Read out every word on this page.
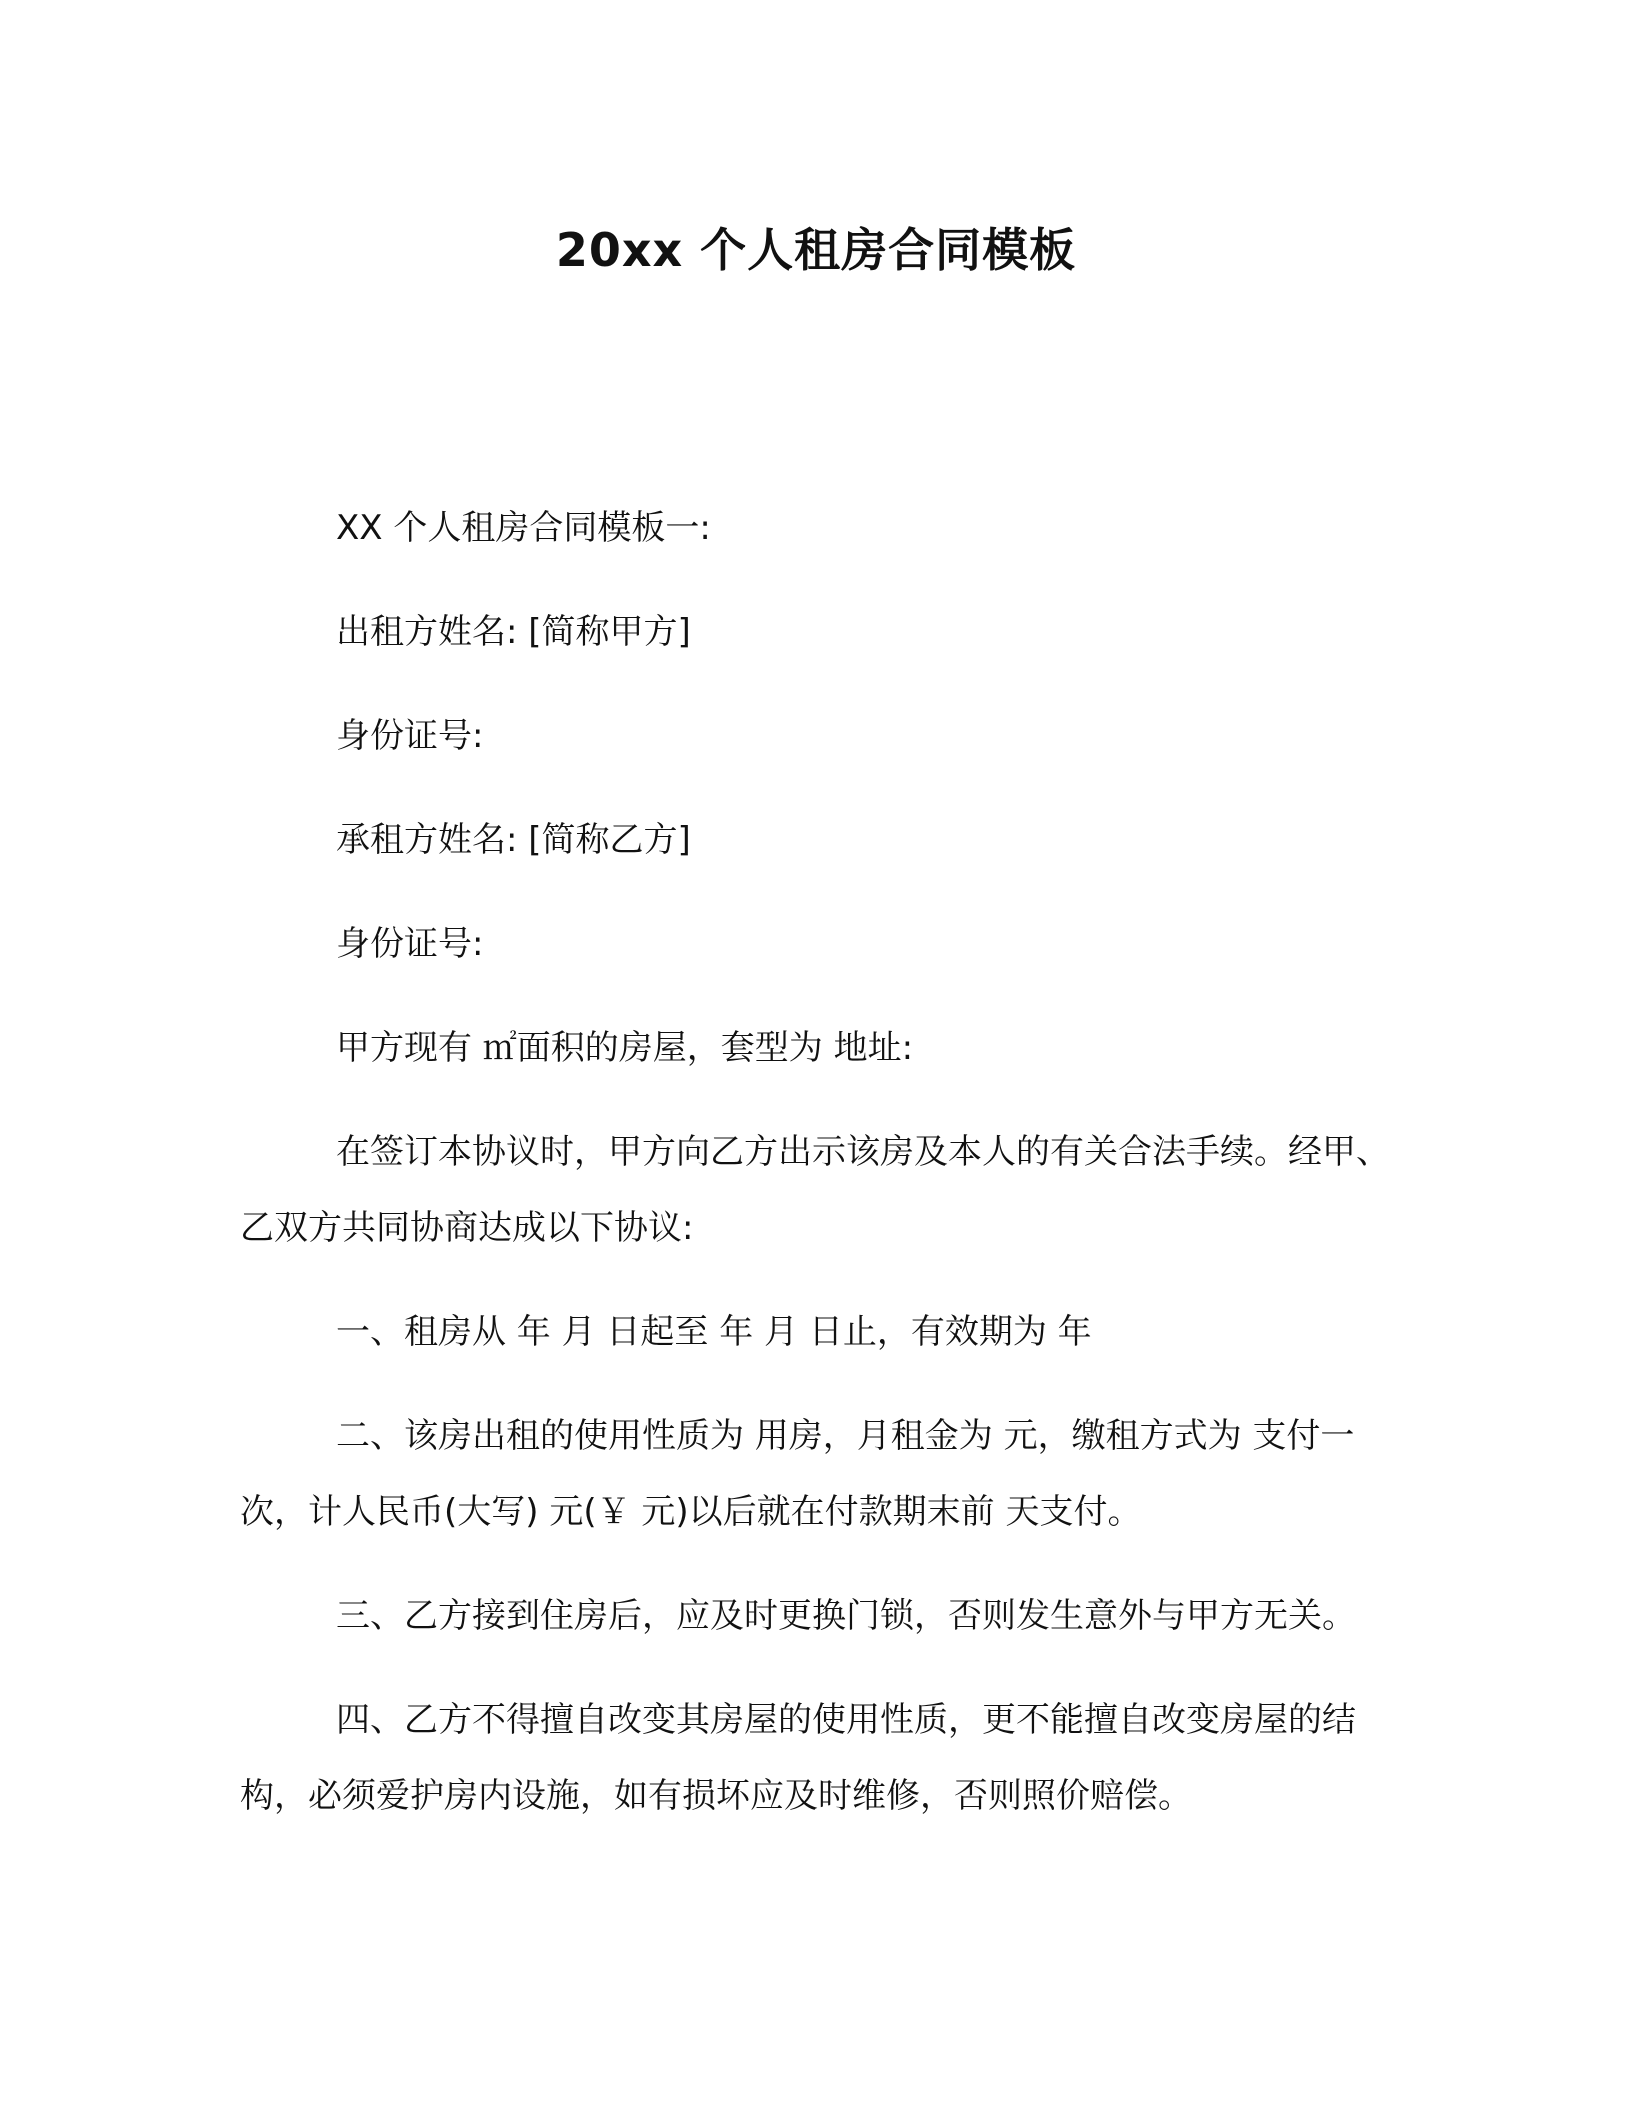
20xx 个人租房合同模板

XX 个人租房合同模板一:

出租方姓名: [简称甲方]

身份证号:

承租方姓名: [简称乙方]

身份证号:

甲方现有 ㎡面积的房屋，套型为 地址:

在签订本协议时，甲方向乙方出示该房及本人的有关合法手续。经甲、乙双方共同协商达成以下协议:

一、租房从 年 月 日起至 年 月 日止，有效期为 年

二、该房出租的使用性质为 用房，月租金为 元，缴租方式为 支付一次，计人民币(大写) 元(￥ 元)以后就在付款期末前 天支付。

三、乙方接到住房后，应及时更换门锁，否则发生意外与甲方无关。

四、乙方不得擅自改变其房屋的使用性质，更不能擅自改变房屋的结构，必须爱护房内设施，如有损坏应及时维修，否则照价赔偿。
